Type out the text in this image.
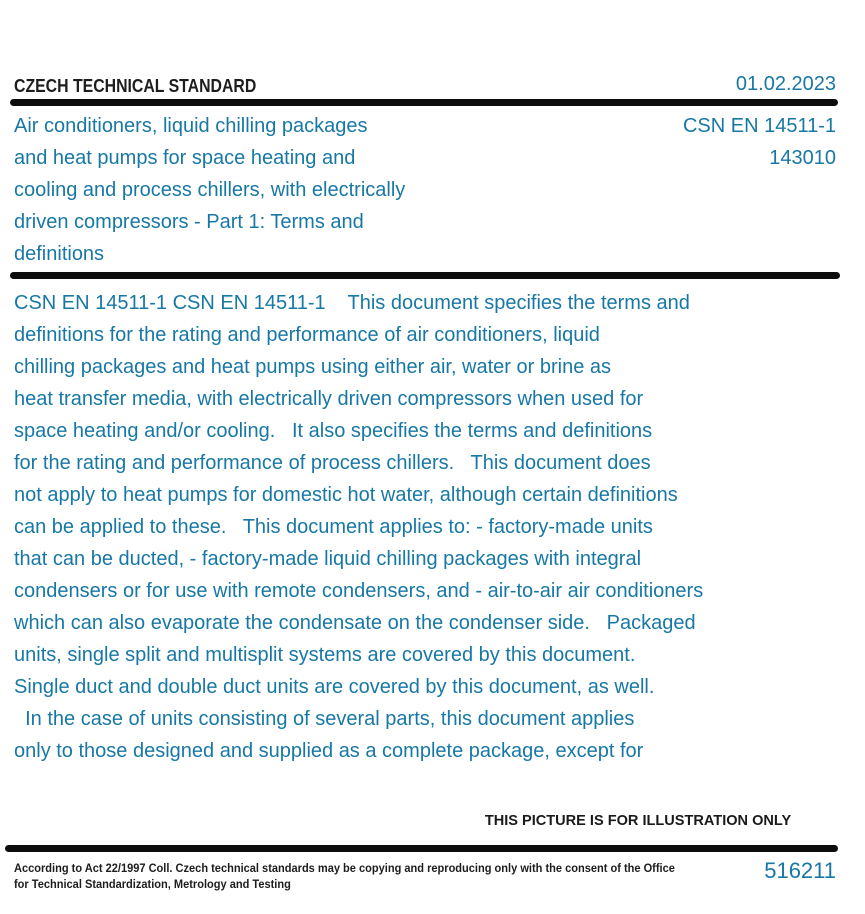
CZECH TECHNICAL STANDARD	01.02.2023
Air conditioners, liquid chilling packages
and heat pumps for space heating and
cooling and process chillers, with electrically
driven compressors - Part 1: Terms and
definitions
CSN EN 14511-1
143010
CSN EN 14511-1 CSN EN 14511-1    This document specifies the terms and
definitions for the rating and performance of air conditioners, liquid
chilling packages and heat pumps using either air, water or brine as
heat transfer media, with electrically driven compressors when used for
space heating and/or cooling.   It also specifies the terms and definitions
for the rating and performance of process chillers.   This document does
not apply to heat pumps for domestic hot water, although certain definitions
can be applied to these.   This document applies to: - factory-made units
that can be ducted, - factory-made liquid chilling packages with integral
condensers or for use with remote condensers, and - air-to-air air conditioners
which can also evaporate the condensate on the condenser side.   Packaged
units, single split and multisplit systems are covered by this document.
Single duct and double duct units are covered by this document, as well.
In the case of units consisting of several parts, this document applies
only to those designed and supplied as a complete package, except for
THIS PICTURE IS FOR ILLUSTRATION ONLY
According to Act 22/1997 Coll. Czech technical standards may be copying and reproducing only with the consent of the Office
for Technical Standardization, Metrology and Testing
516211
